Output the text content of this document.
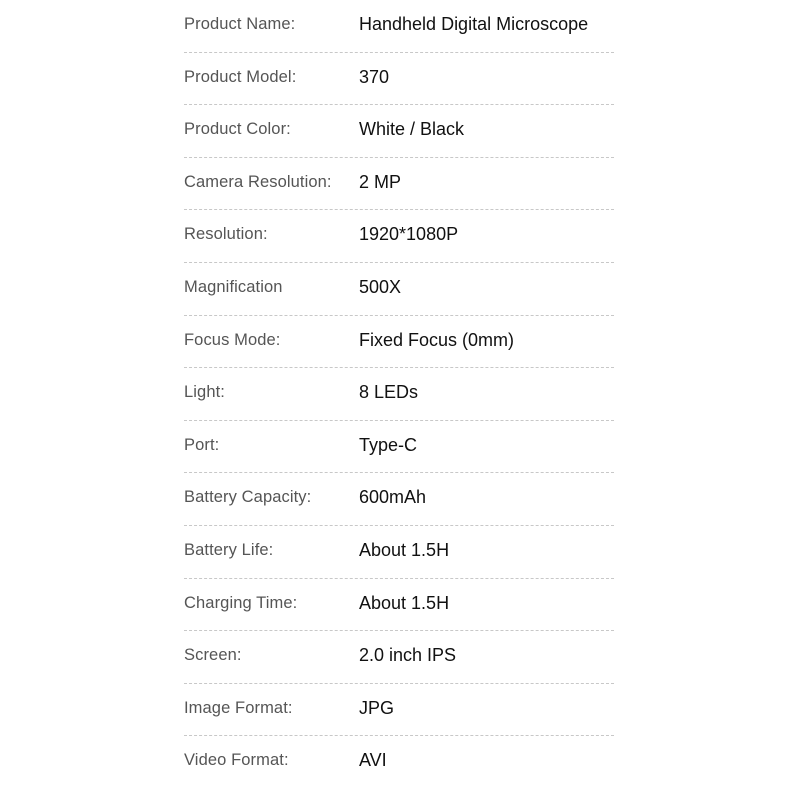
Product Name:	Handheld Digital Microscope
Product Model:	370
Product Color:	White / Black
Camera Resolution: 2 MP
Resolution:	1920*1080P
Magnification	500X
Focus Mode:	Fixed Focus (0mm)
Light:	8 LEDs
Port:	Type-C
Battery Capacity:	600mAh
Battery Life:	About 1.5H
Charging Time:	About 1.5H
Screen:	2.0 inch IPS
Image Format:	JPG
Video Format:	AVI
